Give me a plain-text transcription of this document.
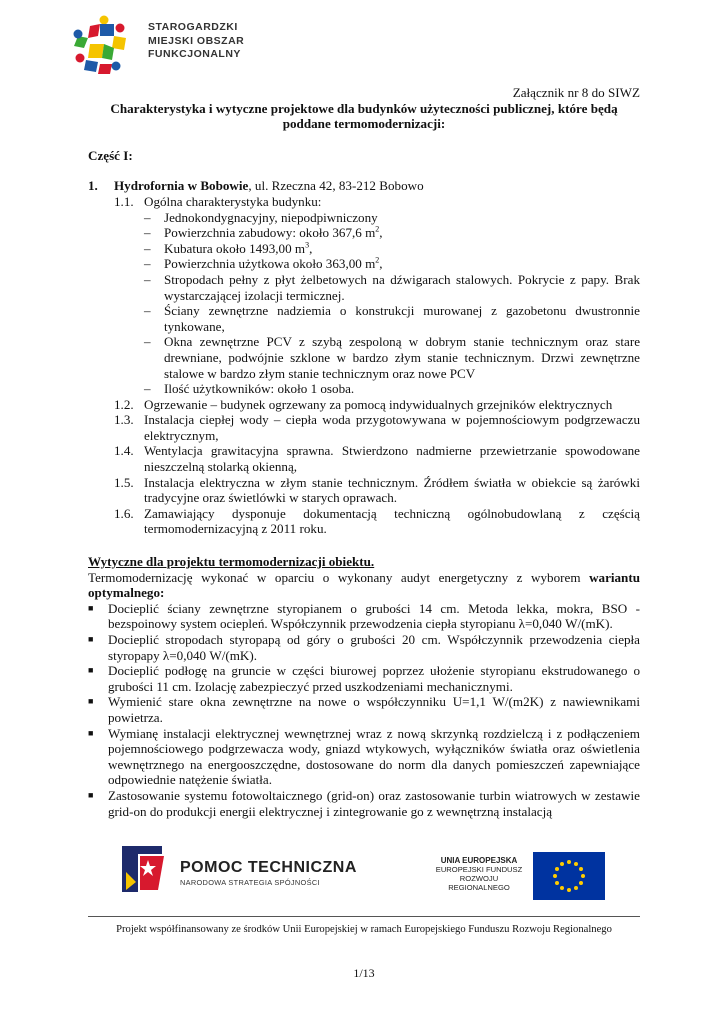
STAROGARDZKI
MIEJSKI OBSZAR
FUNKCJONALNY
Załącznik nr 8 do SIWZ
Charakterystyka i wytyczne projektowe dla budynków użyteczności publicznej, które będą
poddane termomodernizacji:
Część I:
1.	Hydrofornia w Bobowie, ul. Rzeczna 42, 83-212 Bobowo
1.1. Ogólna charakterystyka budynku:
–	Jednokondygnacyjny, niepodpiwniczony
–	Powierzchnia zabudowy: około 367,6 $m^2$,
–	Kubatura około 1493,00 $m^3$,
–	Powierzchnia użytkowa około 363,00 $m^2$,
–	Stropodach pełny z płyt żelbetowych na dźwigarach stalowych. Pokrycie z papy. Brak wystarczającej izolacji termicznej.
–	Ściany zewnętrzne nadziemia o konstrukcji murowanej z gazobetonu dwustronnie tynkowane,
–	Okna zewnętrzne PCV z szybą zespoloną w dobrym stanie technicznym oraz stare drewniane, podwójnie szklone w bardzo złym stanie technicznym. Drzwi zewnętrzne stalowe w bardzo złym stanie technicznym oraz nowe PCV
–	Ilość użytkowników: około 1 osoba.
1.2. Ogrzewanie – budynek ogrzewany za pomocą indywidualnych grzejników elektrycznych
1.3. Instalacja ciepłej wody – ciepła woda przygotowywana w pojemnościowym podgrzewaczu elektrycznym,
1.4. Wentylacja grawitacyjna sprawna. Stwierdzono nadmierne przewietrzanie spowodowane nieszczelną stolarką okienną,
1.5. Instalacja elektryczna w złym stanie technicznym. Źródłem światła w obiekcie są żarówki tradycyjne oraz świetlówki w starych oprawach.
1.6. Zamawiający dysponuje dokumentacją techniczną ogólnobudowlaną z częścią termomodernizacyjną z 2011 roku.
Wytyczne dla projektu termomodernizacji obiektu.
Termomodernizację wykonać w oparciu o wykonany audyt energetyczny z wyborem wariantu optymalnego:
■	Docieplić ściany zewnętrzne styropianem o grubości 14 cm. Metoda lekka, mokra, BSO - bezspoinowy system ociepleń. Współczynnik przewodzenia ciepła styropianu λ=0,040 W/(mK).
■	Docieplić stropodach styropapą od góry o grubości 20 cm. Współczynnik przewodzenia ciepła styropapy λ=0,040 W/(mK).
■	Docieplić podłogę na gruncie w części biurowej poprzez ułożenie styropianu ekstrudowanego o grubości 11 cm. Izolację zabezpieczyć przed uszkodzeniami mechanicznymi.
■	Wymienić stare okna zewnętrzne na nowe o współczynniku U=1,1 W/(m2K) z nawiewnikami powietrza.
■	Wymianę instalacji elektrycznej wewnętrznej wraz z nową skrzynką rozdzielczą i z podłączeniem pojemnościowego podgrzewacza wody, gniazd wtykowych, wyłączników światła oraz oświetlenia wewnętrznego na energooszczędne, dostosowane do norm dla danych pomieszczeń zapewniające odpowiednie natężenie światła.
■	Zastosowanie systemu fotowoltaicznego (grid-on) oraz zastosowanie turbin wiatrowych w zestawie grid-on do produkcji energii elektrycznej i zintegrowanie go z wewnętrzną instalacją
POMOC TECHNICZNA
NARODOWA STRATEGIA SPÓJNOŚCI
UNIA EUROPEJSKA
EUROPEJSKI FUNDUSZ
ROZWOJU REGIONALNEGO
Projekt współfinansowany ze środków Unii Europejskiej w ramach Europejskiego Funduszu Rozwoju Regionalnego
1/13
